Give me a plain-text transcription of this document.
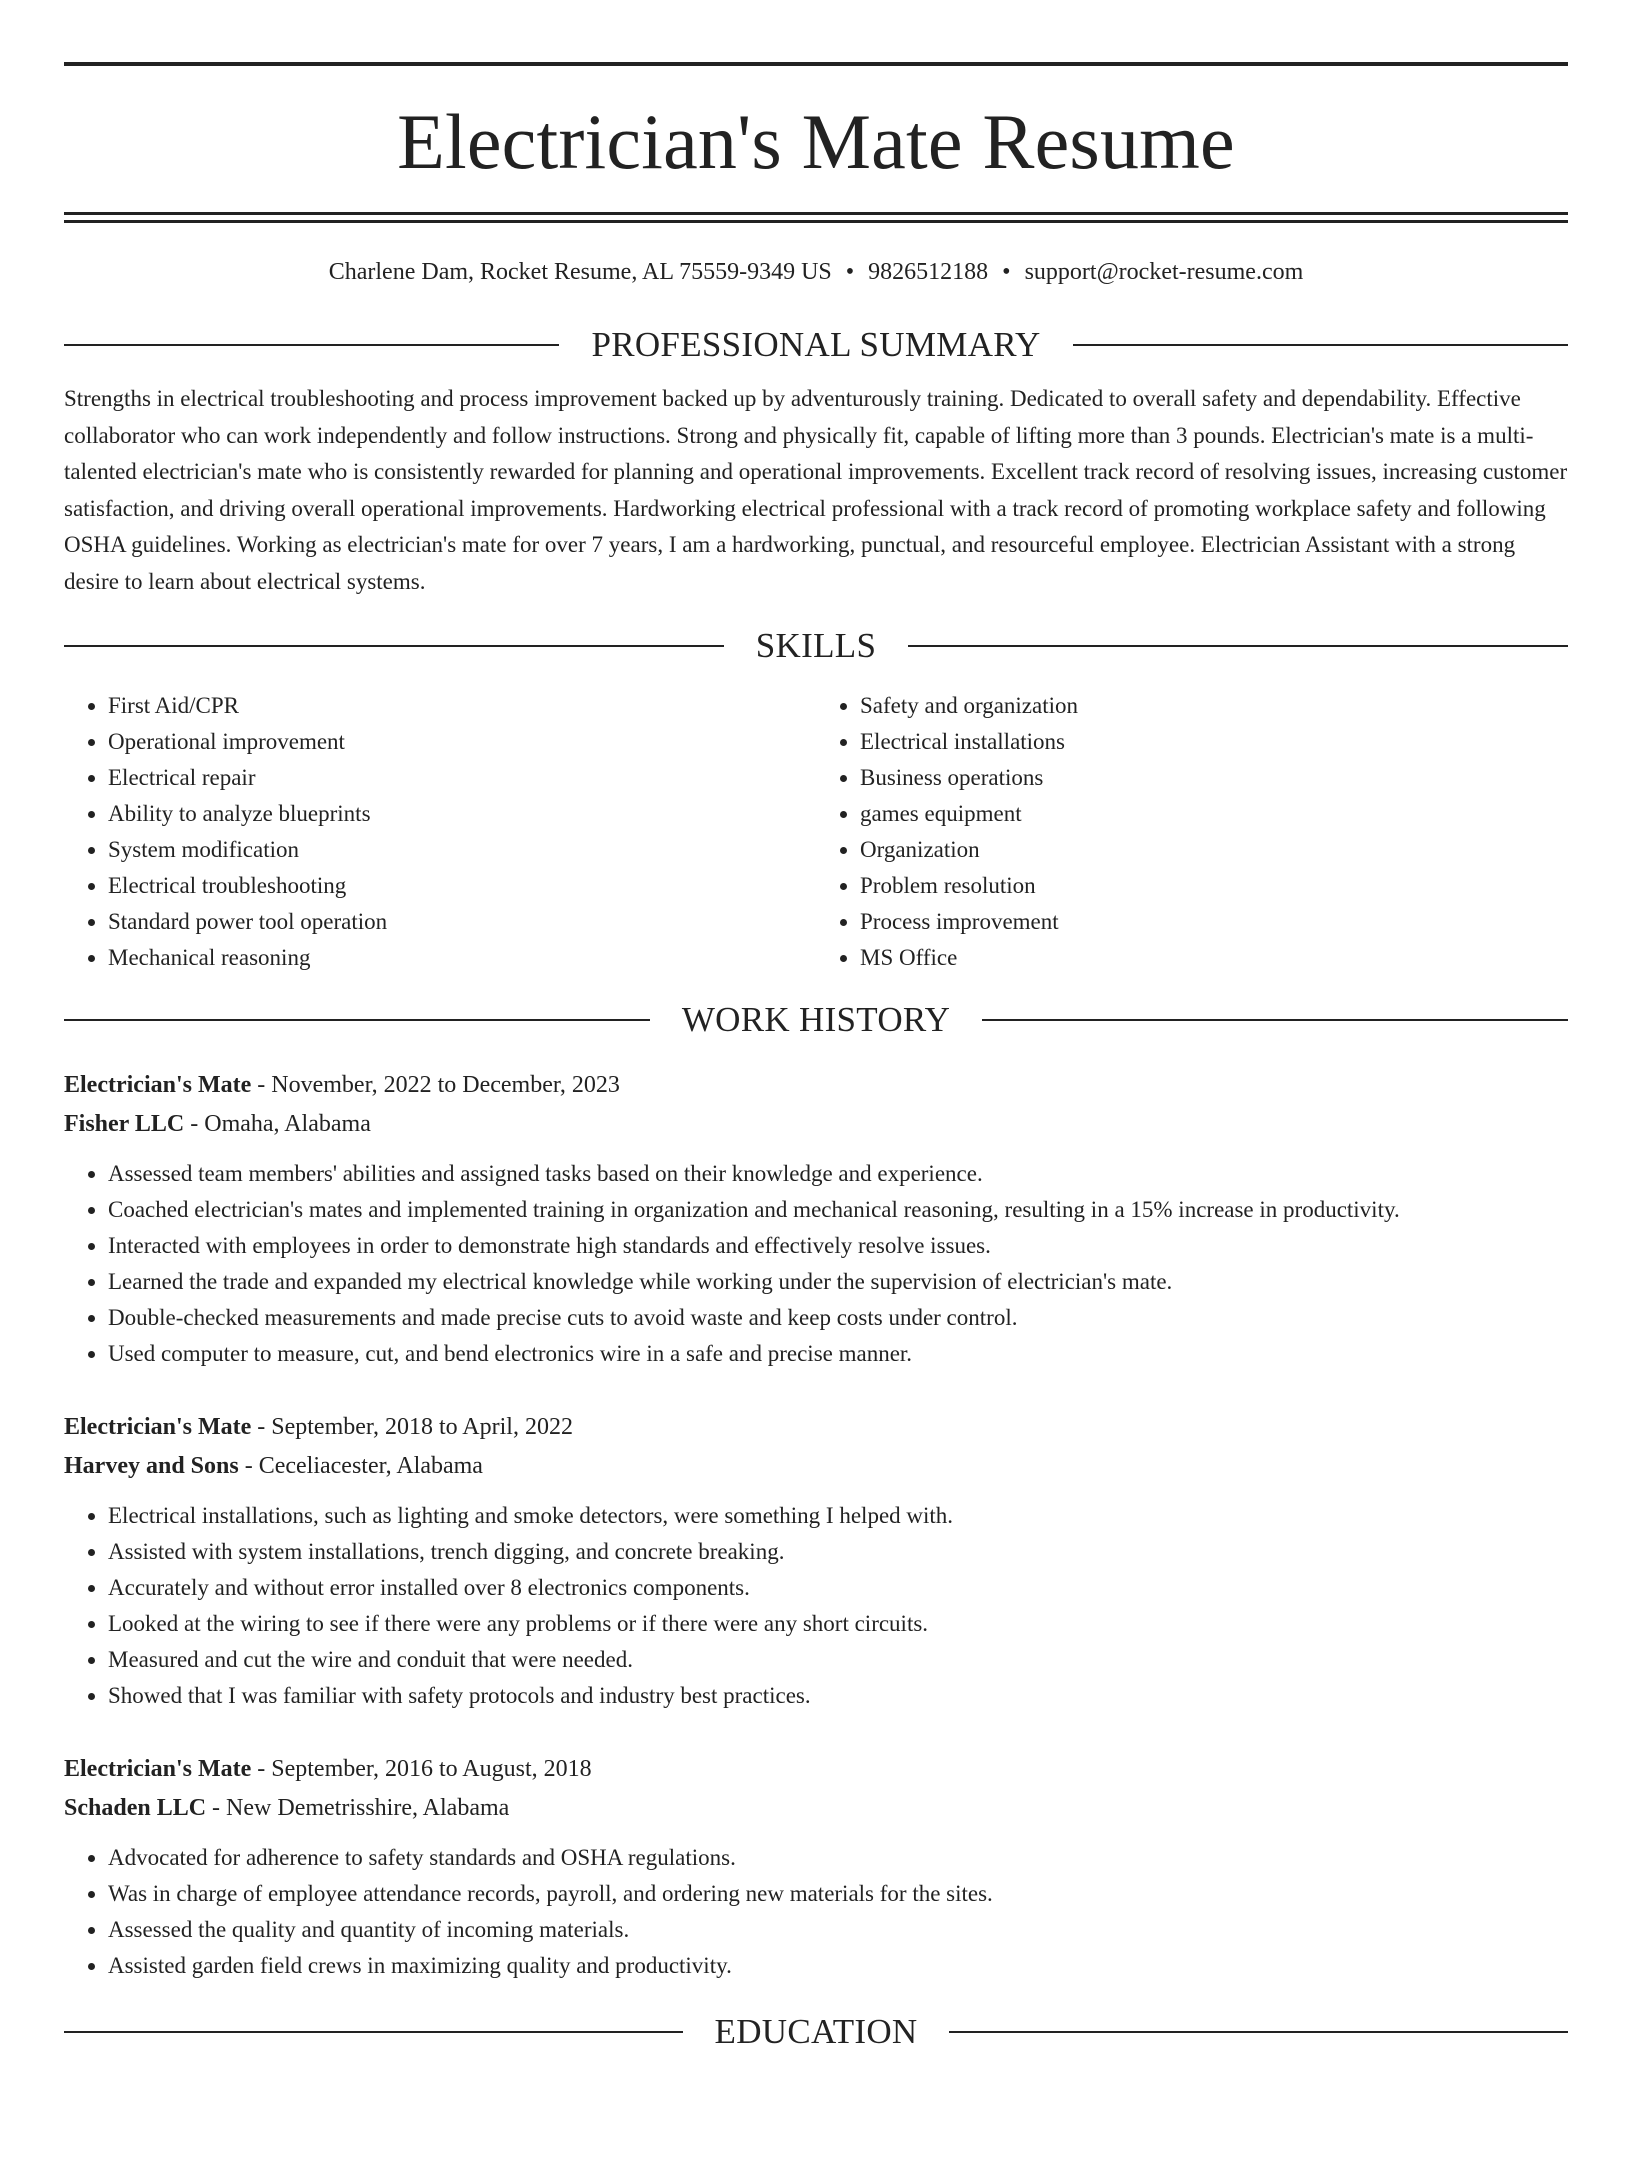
Electrician's Mate Resume
Charlene Dam, Rocket Resume, AL 75559-9349 US • 9826512188 • support@rocket-resume.com
PROFESSIONAL SUMMARY

Strengths in electrical troubleshooting and process improvement backed up by adventurously training. Dedicated to overall safety and dependability. Effective collaborator who can work independently and follow instructions. Strong and physically fit, capable of lifting more than 3 pounds. Electrician's mate is a multi-talented electrician's mate who is consistently rewarded for planning and operational improvements. Excellent track record of resolving issues, increasing customer satisfaction, and driving overall operational improvements. Hardworking electrical professional with a track record of promoting workplace safety and following OSHA guidelines. Working as electrician's mate for over 7 years, I am a hardworking, punctual, and resourceful employee. Electrician Assistant with a strong desire to learn about electrical systems.

SKILLS
• First Aid/CPR
• Operational improvement
• Electrical repair
• Ability to analyze blueprints
• System modification
• Electrical troubleshooting
• Standard power tool operation
• Mechanical reasoning
• Safety and organization
• Electrical installations
• Business operations
• games equipment
• Organization
• Problem resolution
• Process improvement
• MS Office
WORK HISTORY
Electrician's Mate - November, 2022 to December, 2023
Fisher LLC - Omaha, Alabama
• Assessed team members' abilities and assigned tasks based on their knowledge and experience.
• Coached electrician's mates and implemented training in organization and mechanical reasoning, resulting in a 15% increase in productivity.
• Interacted with employees in order to demonstrate high standards and effectively resolve issues.
• Learned the trade and expanded my electrical knowledge while working under the supervision of electrician's mate.
• Double-checked measurements and made precise cuts to avoid waste and keep costs under control.
• Used computer to measure, cut, and bend electronics wire in a safe and precise manner.
Electrician's Mate - September, 2018 to April, 2022
Harvey and Sons - Ceceliacester, Alabama
• Electrical installations, such as lighting and smoke detectors, were something I helped with.
• Assisted with system installations, trench digging, and concrete breaking.
• Accurately and without error installed over 8 electronics components.
• Looked at the wiring to see if there were any problems or if there were any short circuits.
• Measured and cut the wire and conduit that were needed.
• Showed that I was familiar with safety protocols and industry best practices.
Electrician's Mate - September, 2016 to August, 2018
Schaden LLC - New Demetrisshire, Alabama
• Advocated for adherence to safety standards and OSHA regulations.
• Was in charge of employee attendance records, payroll, and ordering new materials for the sites.
• Assessed the quality and quantity of incoming materials.
• Assisted garden field crews in maximizing quality and productivity.
EDUCATION
